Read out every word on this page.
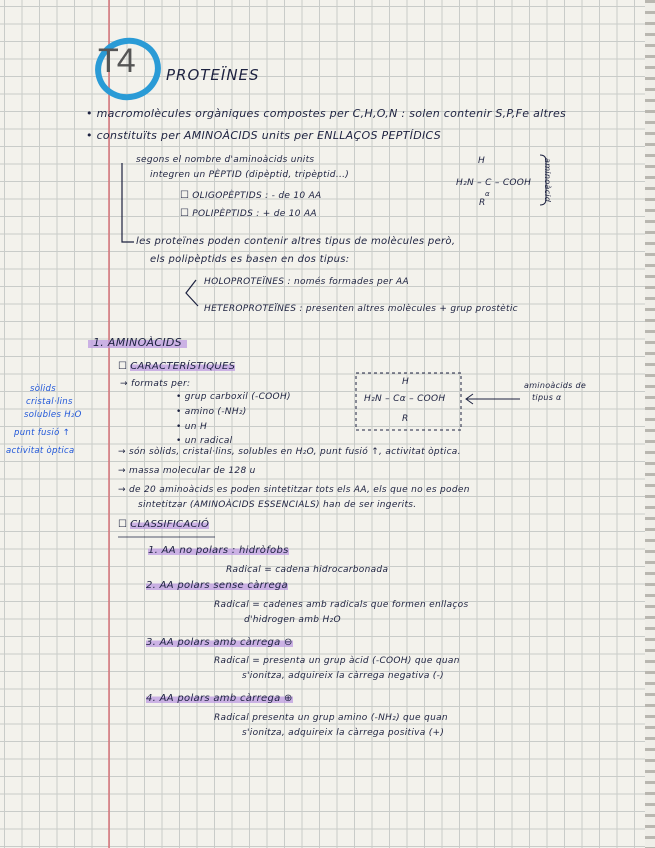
T4 PROTEÏNES
• macromolècules orgàniques compostes per C,H,O,N : solen contenir S,P,Fe altres
• constituïts per AMINOÀCIDS units per ENLLAÇOS PEPTÍDICS
segons el nombre d'aminoàcids units
integren un PÈPTID (dipèptid, tripèptid...)
☐ OLIGOPÈPTIDS : - de 10 AA
☐ POLIPÈPTIDS : + de 10 AA
H
H₂N – C – COOH
α
R
aminoàcid
les proteïnes poden contenir altres tipus de molècules però,
els polipèptids es basen en dos tipus:
HOLOPROTEÏNES : només formades per AA
HETEROPROTEÏNES : presenten altres molècules + grup prostètic
1. AMINOÀCIDS
☐ CARACTERÍSTIQUES
→ formats per:
• grup carboxil (-COOH)
• amino (-NH₂)
• un H
• un radical
H
H₂N – Cα – COOH
R
aminoàcids de
tipus α
→ són sòlids, cristal·lins, solubles en H₂O, punt fusió ↑, activitat òptica.
→ massa molecular de 128 u
→ de 20 aminoàcids es poden sintetitzar tots els AA, els que no es poden
sintetitzar (AMINOÀCIDS ESSENCIALS) han de ser ingerits.
sòlids
cristal·lins
solubles H₂O
punt fusió ↑
activitat òptica
☐ CLASSIFICACIÓ
1. AA no polars : hidròfobs
Radical = cadena hidrocarbonada
2. AA polars sense càrrega
Radical = cadenes amb radicals que formen enllaços
d'hidrogen amb H₂O
3. AA polars amb càrrega ⊖
Radical = presenta un grup àcid (-COOH) que quan
s'ionitza, adquireix la càrrega negativa (-)
4. AA polars amb càrrega ⊕
Radical presenta un grup amino (-NH₂) que quan
s'ionitza, adquireix la càrrega positiva (+)
